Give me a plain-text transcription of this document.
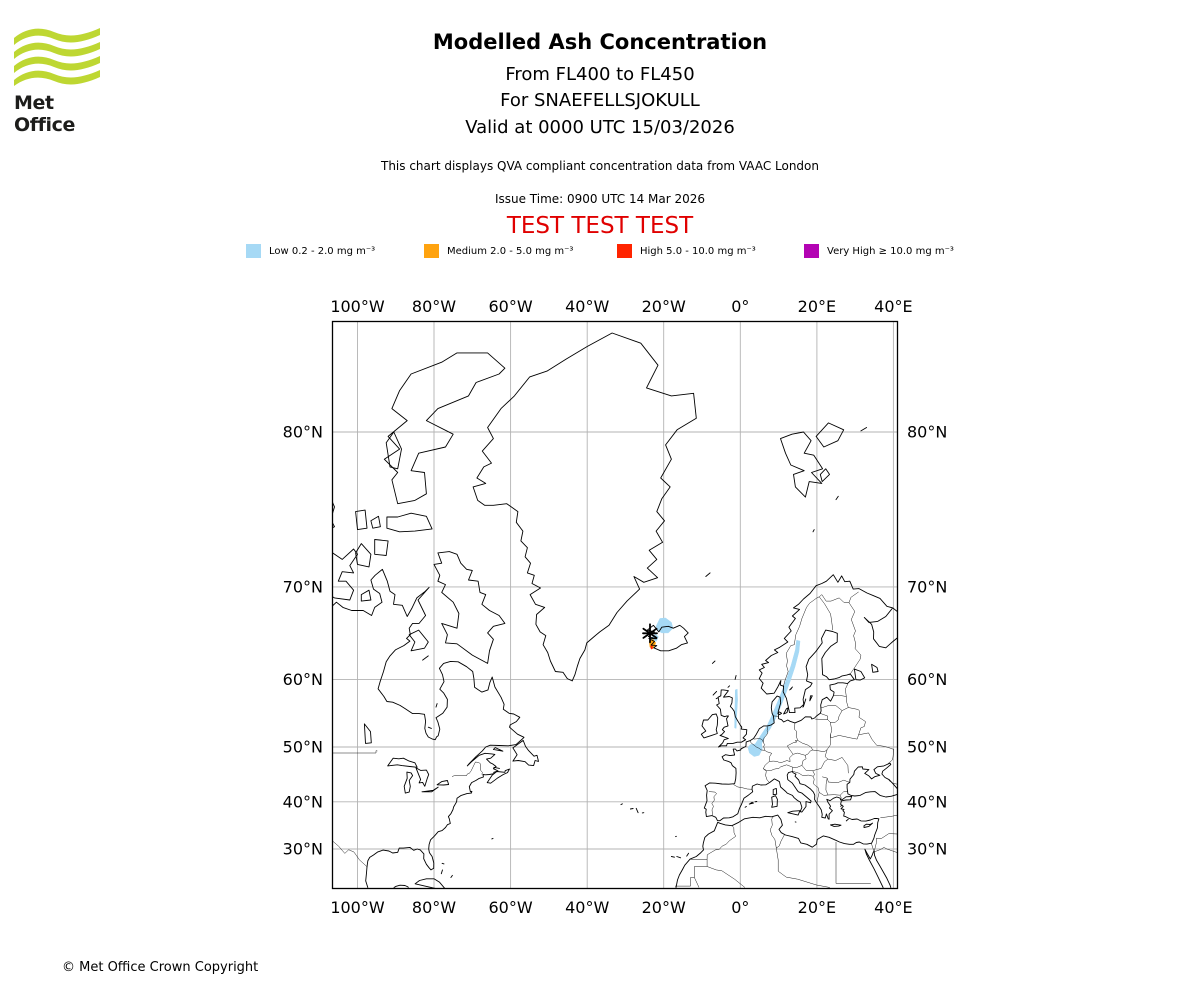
Met Office
Modelled Ash Concentration
From FL400 to FL450
For SNAEFELLSJOKULL
Valid at 0000 UTC 15/03/2026
This chart displays QVA compliant concentration data from VAAC London
Issue Time: 0900 UTC 14 Mar 2026
TEST TEST TEST
Low 0.2 - 2.0 mg m⁻³	Medium 2.0 - 5.0 mg m⁻³	High 5.0 - 10.0 mg m⁻³	Very High ≥ 10.0 mg m⁻³
100°W
100°W
80°W
80°W
60°W
60°W
40°W
40°W
20°W
20°W
0°
0°
20°E
20°E
40°E
40°E
30°N	30°N
40°N	40°N
50°N	50°N
60°N	60°N
70°N	70°N
80°N	80°N
© Met Office Crown Copyright
